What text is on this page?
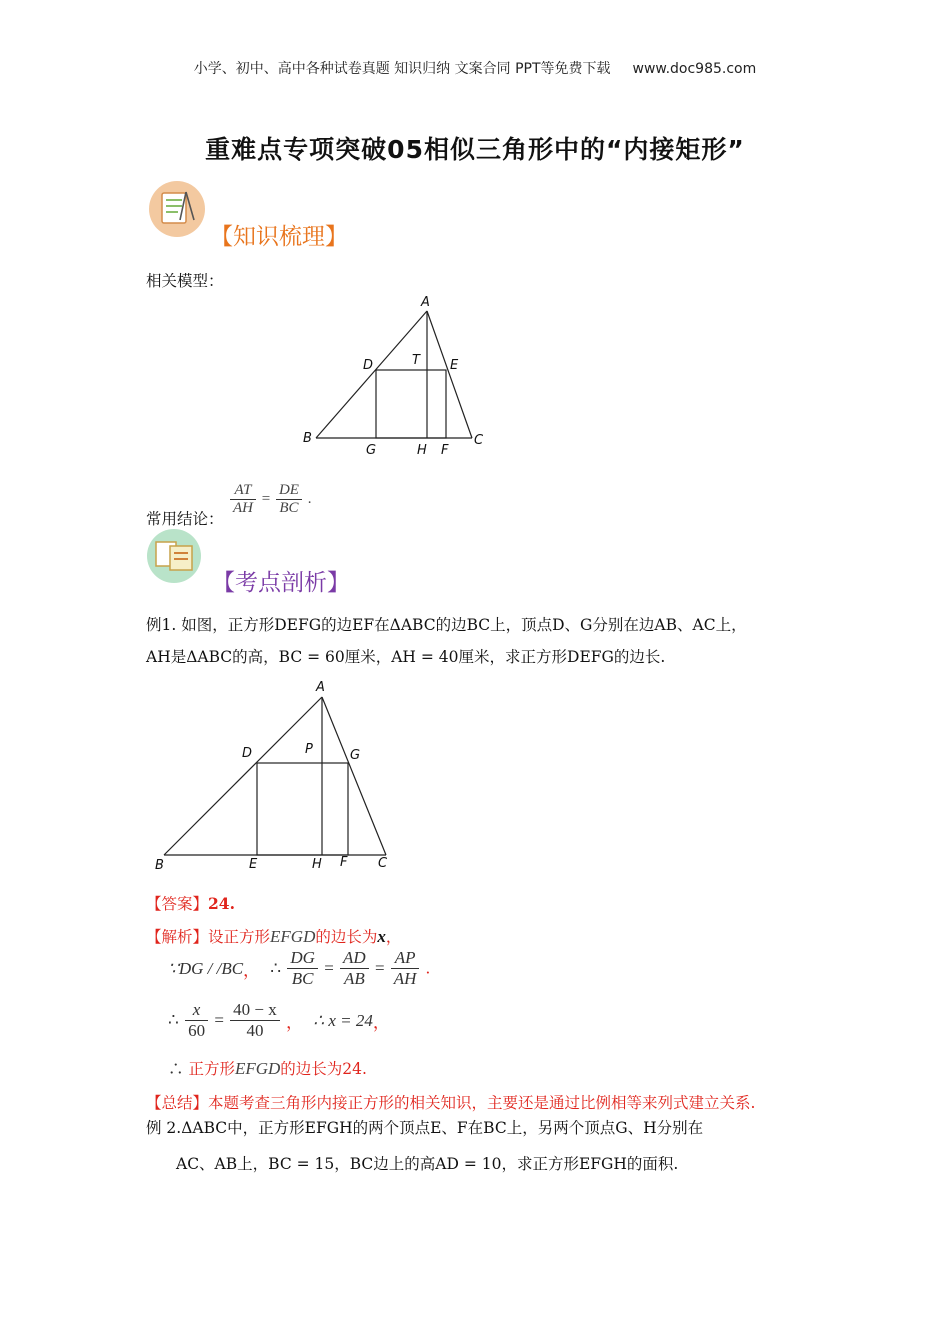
小学、初中、高中各种试卷真题 知识归纳 文案合同 PPT等免费下载 www.doc985.com
重难点专项突破05相似三角形中的“内接矩形”
【知识梳理】
相关模型：
A
B	C
D	E
T
G	H F
常用结论：
$\frac{AT}{AH} = \frac{DE}{BC}$ .
【考点剖析】
例1. 如图，正方形DEFG的边EF在ΔABC的边BC上，顶点D、G分别在边AB、AC上，
AH是ΔABC的高，BC = 60厘米，AH = 40厘米，求正方形DEFG的边长.
A
B	C
D	G
P
E	H F
【答案】24.
【解析】设正方形EFGD的边长为x，
∵DG / /BC， ∴ $\frac{DG}{BC} = \frac{AD}{AB} = \frac{AP}{AH}$ .
∴ $\frac{x}{60} = \frac{40 - x}{40}$ ， ∴ x = 24，
∴ 正方形EFGD的边长为24.
【总结】本题考查三角形内接正方形的相关知识，主要还是通过比例相等来列式建立关系.
例 2.ΔABC中，正方形EFGH的两个顶点E、F在BC上，另两个顶点G、H分别在
AC、AB上，BC = 15，BC边上的高AD = 10，求正方形EFGH的面积.
